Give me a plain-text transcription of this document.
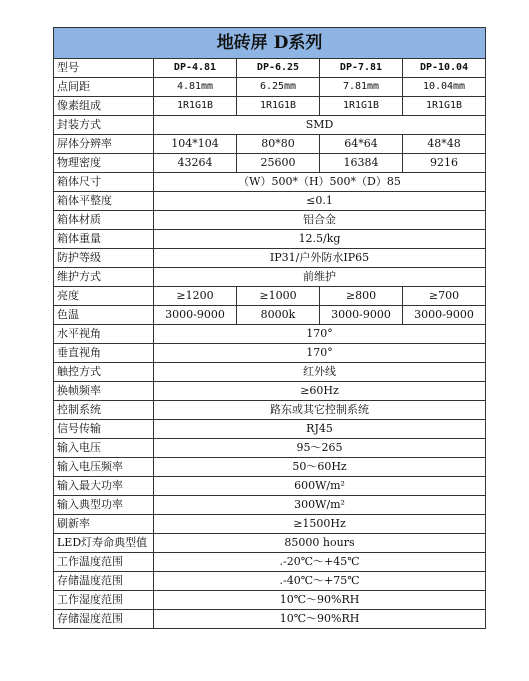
地砖屏 D系列				
型号	DP-4.81	DP-6.25	DP-7.81	DP-10.04
点间距	4.81mm	6.25mm	7.81mm	10.04mm
像素组成	1R1G1B	1R1G1B	1R1G1B	1R1G1B
封装方式	SMD			
屏体分辨率	104*104	80*80	64*64	48*48
物理密度	43264	25600	16384	9216
箱体尺寸	（W）500*（H）500*（D）85			
箱体平整度	≤0.1			
箱体材质	铝合金			
箱体重量	12.5/kg			
防护等级	IP31/户外防水IP65			
维护方式	前维护			
亮度	≥1200	≥1000	≥800	≥700
色温	3000-9000	8000k	3000-9000	3000-9000
水平视角	170°			
垂直视角	170°			
触控方式	红外线			
换帧频率	≥60Hz			
控制系统	路东或其它控制系统			
信号传输	RJ45			
输入电压	95～265			
输入电压频率	50～60Hz			
输入最大功率	600W/m²			
输入典型功率	300W/m²			
刷新率	≥1500Hz			
LED灯寿命典型值	85000 hours			
工作温度范围	.-20℃～+45℃			
存储温度范围	.-40℃～+75℃			
工作湿度范围	10℃～90%RH			
存储湿度范围	10℃～90%RH			
